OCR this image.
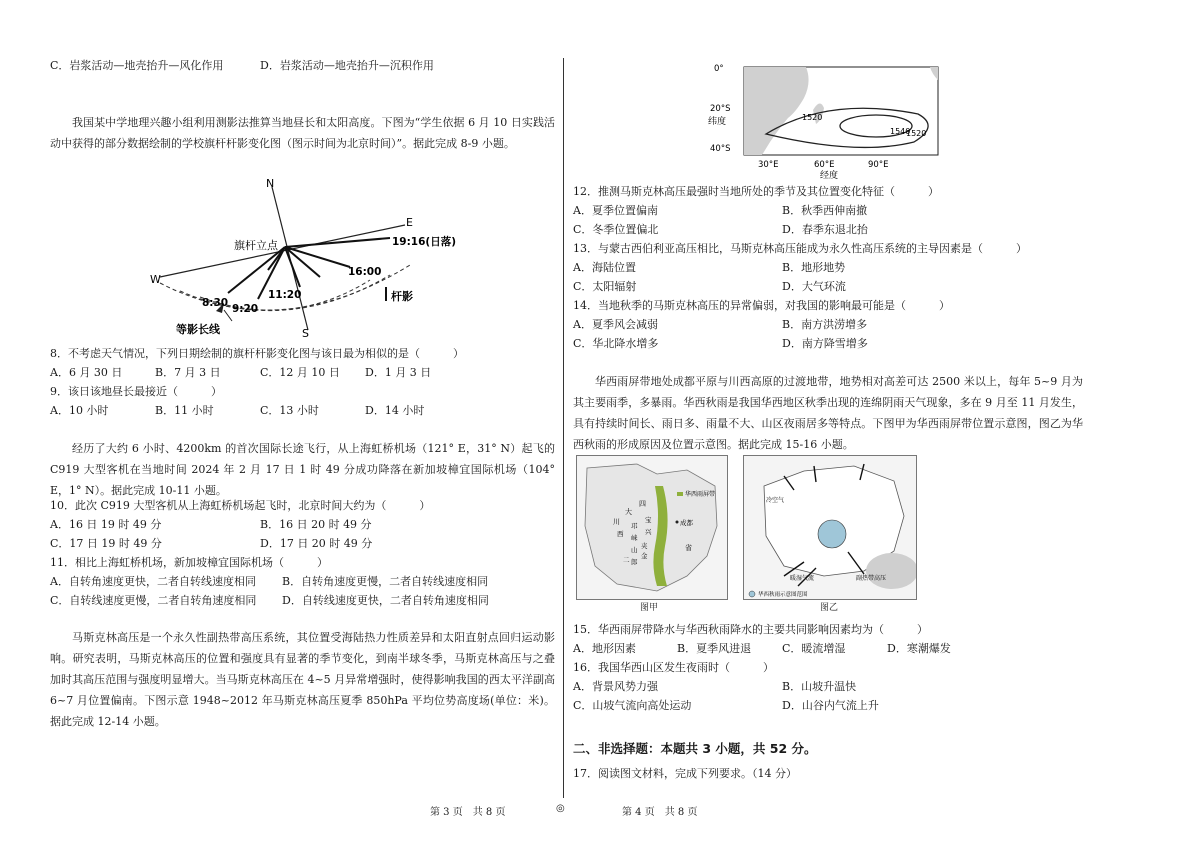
C．岩浆活动—地壳抬升—风化作用	D．岩浆活动—地壳抬升—沉积作用

我国某中学地理兴趣小组利用测影法推算当地昼长和太阳高度。下图为“学生依据 6 月 10 日实践活动中获得的部分数据绘制的学校旗杆杆影变化图（图示时间为北京时间）”。据此完成 8-9 小题。

N
E
W
S
旗杆立点	19:16(日落)
16:00
11:20
9:20
8:30
等影长线
杆影
8．不考虑天气情况，下列日期绘制的旗杆杆影变化图与该日最为相似的是（　　　）
A．6 月 30 日	B．7 月 3 日	C．12 月 10 日 D．1 月 3 日
9．该日该地昼长最接近（　　　）
A．10 小时	B．11 小时	C．13 小时	D．14 小时

经历了大约 6 小时、4200km 的首次国际长途飞行，从上海虹桥机场（121° E，31° N）起飞的 C919 大型客机在当地时间 2024 年 2 月 17 日 1 时 49 分成功降落在新加坡樟宜国际机场（104° E，1° N）。据此完成 10-11 小题。

10．此次 C919 大型客机从上海虹桥机场起飞时，北京时间大约为（　　　）
A．16 日 19 时 49 分	B．16 日 20 时 49 分
C．17 日 19 时 49 分	D．17 日 20 时 49 分
11．相比上海虹桥机场，新加坡樟宜国际机场（　　　）
A．自转角速度更快，二者自转线速度相同 B．自转角速度更慢，二者自转线速度相同
C．自转线速度更慢，二者自转角速度相同 D．自转线速度更快，二者自转角速度相同

马斯克林高压是一个永久性副热带高压系统，其位置受海陆热力性质差异和太阳直射点回归运动影响。研究表明，马斯克林高压的位置和强度具有显著的季节变化，到南半球冬季，马斯克林高压与之叠加时其高压范围与强度明显增大。当马斯克林高压在 4~5 月异常增强时，使得影响我国的西太平洋副高 6~7 月位置偏南。下图示意 1948~2012 年马斯克林高压夏季 850hPa 平均位势高度场(单位：米)。据此完成 12-14 小题。

0°
20°S
40°S
纬度
30°E	60°E	90°E
经度
1520
1540
1520
12．推测马斯克林高压最强时当地所处的季节及其位置变化特征（　　　）
A．夏季位置偏南	B．秋季西伸南撤
C．冬季位置偏北	D．春季东退北抬
13．与蒙古西伯利亚高压相比，马斯克林高压能成为永久性高压系统的主导因素是（　　　）
A．海陆位置	B．地形地势
C．太阳辐射	D．大气环流
14．当地秋季的马斯克林高压的异常偏弱，对我国的影响最可能是（　　　）
A．夏季风会减弱	B．南方洪涝增多
C．华北降水增多	D．南方降雪增多

华西雨屏带地处成都平原与川西高原的过渡地带，地势相对高差可达 2500 米以上，每年 5~9 月为其主要雨季，多暴雨。华西秋雨是我国华西地区秋季出现的连绵阴雨天气现象，多在 9 月至 11 月发生，具有持续时间长、雨日多、雨量不大、山区夜雨居多等特点。下图甲为华西雨屏带位置示意图，图乙为华西秋雨的形成原因及位置示意图。据此完成 15-16 小题。

华西雨屏带
成都
四
大
川 邛
崃
西
宝
兴
夹
金
山
二 郎
省
图甲
副热带高压
暖湿气流
冷空气
华西秋雨示意图范围
图乙
15．华西雨屏带降水与华西秋雨降水的主要共同影响因素均为（　　　）
A．地形因素	B．夏季风进退	C．暖流增湿	D．寒潮爆发
16．我国华西山区发生夜雨时（　　　）
A．背景风势力强	B．山坡升温快
C．山坡气流向高处运动	D．山谷内气流上升
二、非选择题：本题共 3 小题，共 52 分。
17．阅读图文材料，完成下列要求。（14 分）
第 3 页　共 8 页	◎	第 4 页　共 8 页
